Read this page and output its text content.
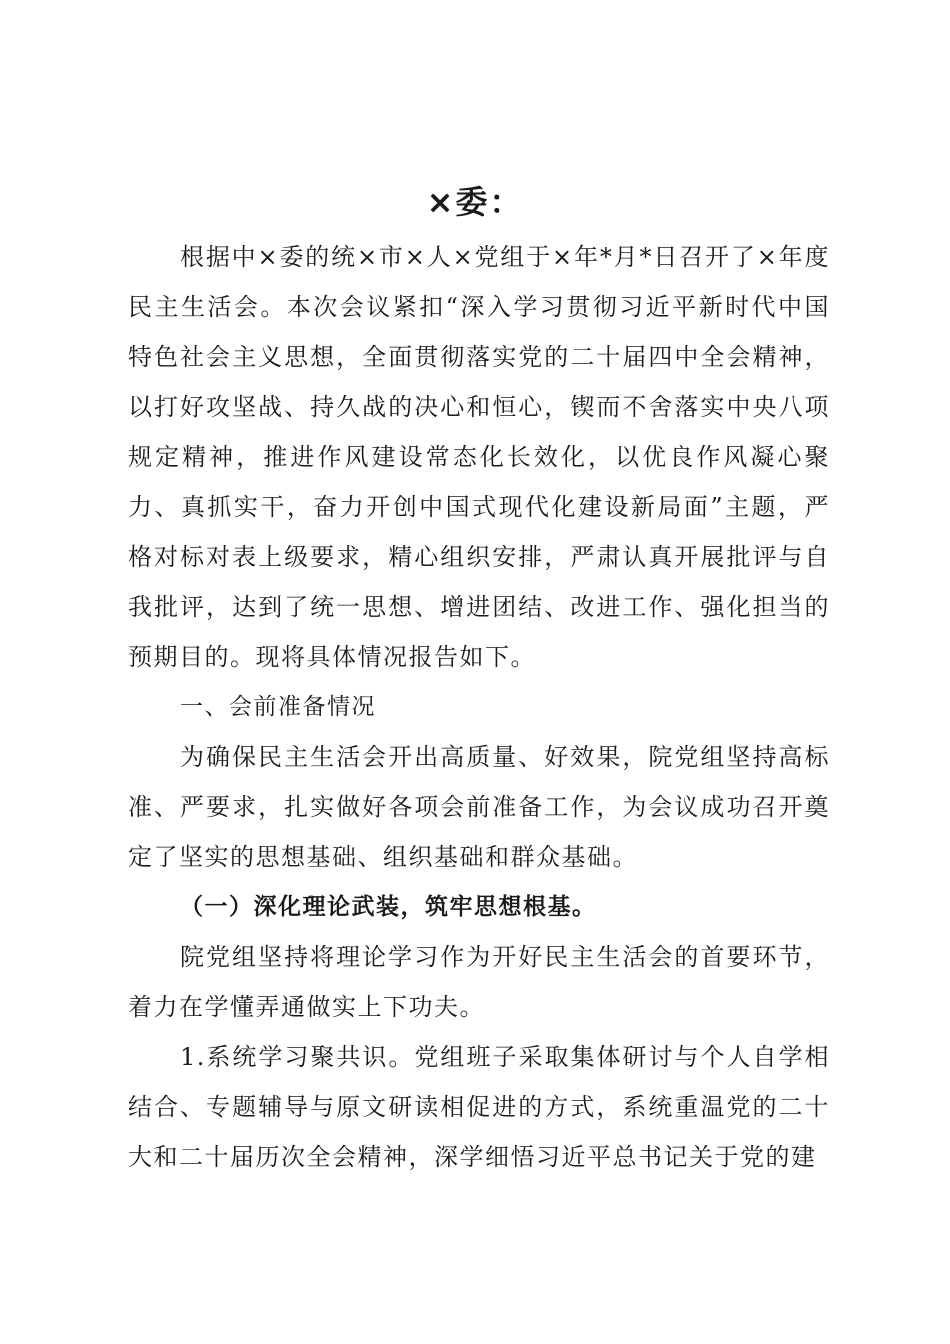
×委：

根据中×委的统×市×人×党组于×年*月*日召开了×年度民主生活会。本次会议紧扣“深入学习贯彻习近平新时代中国特色社会主义思想，全面贯彻落实党的二十届四中全会精神，以打好攻坚战、持久战的决心和恒心，锲而不舍落实中央八项规定精神，推进作风建设常态化长效化，以优良作风凝心聚力、真抓实干，奋力开创中国式现代化建设新局面”主题，严格对标对表上级要求，精心组织安排，严肃认真开展批评与自我批评，达到了统一思想、增进团结、改进工作、强化担当的预期目的。现将具体情况报告如下。

一、会前准备情况

为确保民主生活会开出高质量、好效果，院党组坚持高标准、严要求，扎实做好各项会前准备工作，为会议成功召开奠定了坚实的思想基础、组织基础和群众基础。

（一）深化理论武装，筑牢思想根基。

院党组坚持将理论学习作为开好民主生活会的首要环节，着力在学懂弄通做实上下功夫。

1.系统学习聚共识。党组班子采取集体研讨与个人自学相结合、专题辅导与原文研读相促进的方式，系统重温党的二十大和二十届历次全会精神，深学细悟习近平总书记关于党的建
